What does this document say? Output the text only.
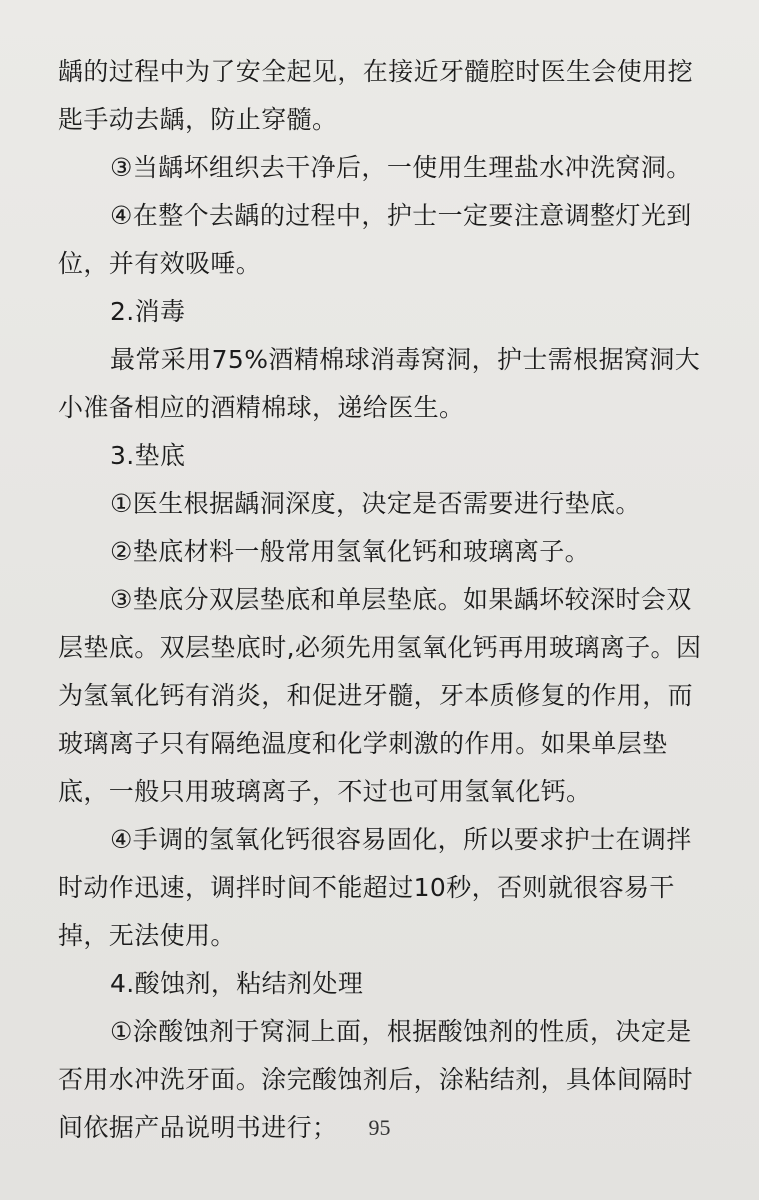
龋的过程中为了安全起见，在接近牙髓腔时医生会使用挖
匙手动去龋，防止穿髓。
③当龋坏组织去干净后，一使用生理盐水冲洗窝洞。
④在整个去龋的过程中，护士一定要注意调整灯光到
位，并有效吸唾。
2.消毒
最常采用75%酒精棉球消毒窝洞，护士需根据窝洞大
小准备相应的酒精棉球，递给医生。
3.垫底
①医生根据龋洞深度，决定是否需要进行垫底。
②垫底材料一般常用氢氧化钙和玻璃离子。
③垫底分双层垫底和单层垫底。如果龋坏较深时会双
层垫底。双层垫底时,必须先用氢氧化钙再用玻璃离子。因
为氢氧化钙有消炎，和促进牙髓，牙本质修复的作用，而
玻璃离子只有隔绝温度和化学刺激的作用。如果单层垫
底，一般只用玻璃离子，不过也可用氢氧化钙。
④手调的氢氧化钙很容易固化，所以要求护士在调拌
时动作迅速，调拌时间不能超过10秒，否则就很容易干
掉，无法使用。
4.酸蚀剂，粘结剂处理
①涂酸蚀剂于窝洞上面，根据酸蚀剂的性质，决定是
否用水冲洗牙面。涂完酸蚀剂后，涂粘结剂，具体间隔时
间依据产品说明书进行；	95
